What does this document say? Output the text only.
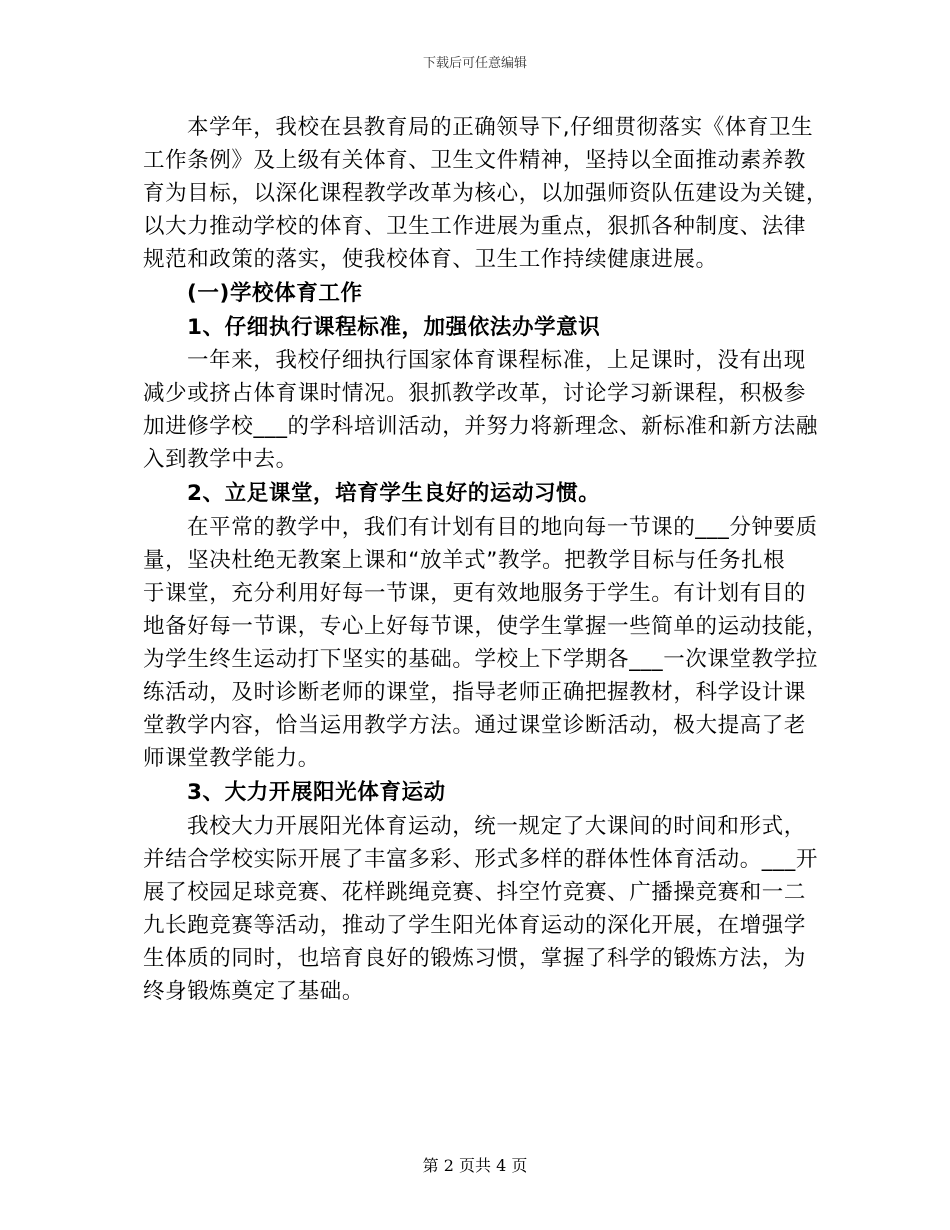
下载后可任意编辑
本学年，我校在县教育局的正确领导下,仔细贯彻落实《体育卫生
工作条例》及上级有关体育、卫生文件精神，坚持以全面推动素养教
育为目标，以深化课程教学改革为核心，以加强师资队伍建设为关键，
以大力推动学校的体育、卫生工作进展为重点，狠抓各种制度、法律
规范和政策的落实，使我校体育、卫生工作持续健康进展。
(一)学校体育工作
1、仔细执行课程标准，加强依法办学意识
一年来，我校仔细执行国家体育课程标准，上足课时，没有出现
减少或挤占体育课时情况。狠抓教学改革，讨论学习新课程，积极参
加进修学校___的学科培训活动，并努力将新理念、新标准和新方法融
入到教学中去。
2、立足课堂，培育学生良好的运动习惯。
在平常的教学中，我们有计划有目的地向每一节课的___分钟要质
量，坚决杜绝无教案上课和“放羊式”教学。把教学目标与任务扎根
于课堂，充分利用好每一节课，更有效地服务于学生。有计划有目的
地备好每一节课，专心上好每节课，使学生掌握一些简单的运动技能，
为学生终生运动打下坚实的基础。学校上下学期各___一次课堂教学拉
练活动，及时诊断老师的课堂，指导老师正确把握教材，科学设计课
堂教学内容，恰当运用教学方法。通过课堂诊断活动，极大提高了老
师课堂教学能力。
3、大力开展阳光体育运动
我校大力开展阳光体育运动，统一规定了大课间的时间和形式，
并结合学校实际开展了丰富多彩、形式多样的群体性体育活动。___开
展了校园足球竞赛、花样跳绳竞赛、抖空竹竞赛、广播操竞赛和一二
九长跑竞赛等活动，推动了学生阳光体育运动的深化开展，在增强学
生体质的同时，也培育良好的锻炼习惯，掌握了科学的锻炼方法，为
终身锻炼奠定了基础。
第 2 页共 4 页
